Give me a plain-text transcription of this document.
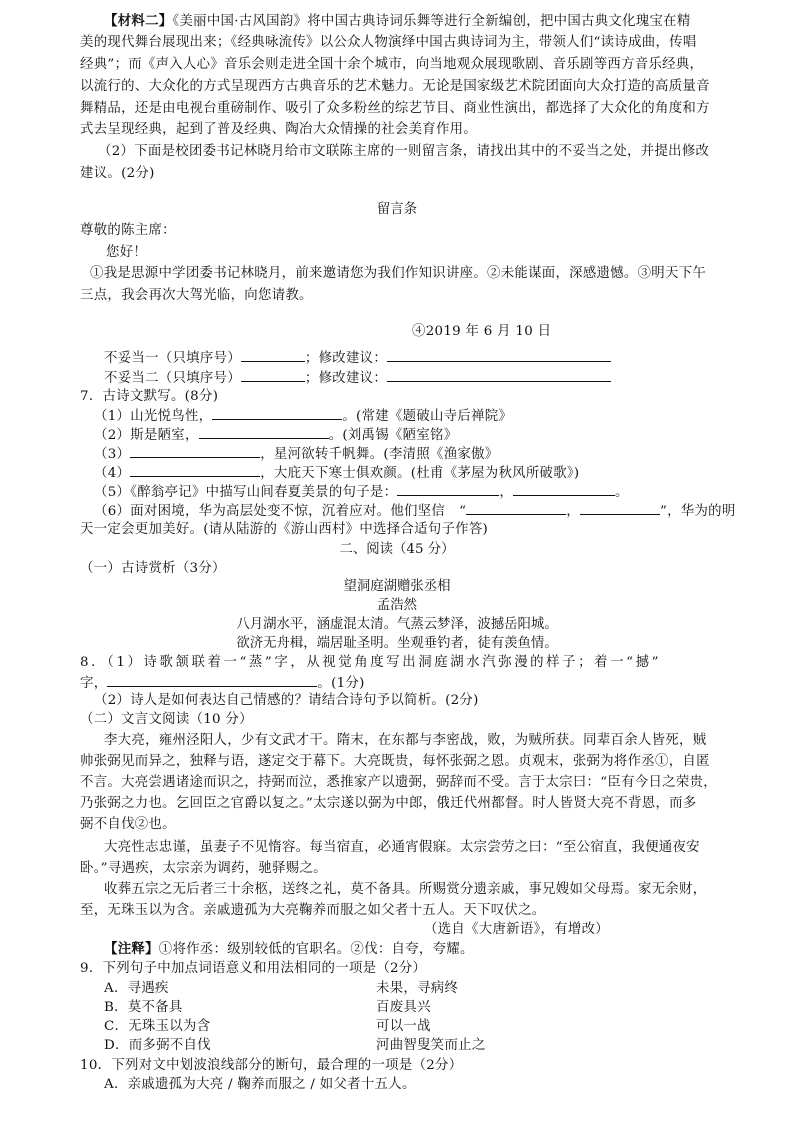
【材料二】《美丽中国·古风国韵》将中国古典诗词乐舞等进行全新编创，把中国古典文化瑰宝在精
美的现代舞台展现出来；《经典咏流传》以公众人物演绎中国古典诗词为主，带领人们“读诗成曲，传唱
经典”；而《声入人心》音乐会则走进全国十余个城市，向当地观众展现歌剧、音乐剧等西方音乐经典，
以流行的、大众化的方式呈现西方古典音乐的艺术魅力。无论是国家级艺术院团面向大众打造的高质量音
舞精品，还是由电视台重磅制作、吸引了众多粉丝的综艺节目、商业性演出，都选择了大众化的角度和方
式去呈现经典，起到了普及经典、陶冶大众情操的社会美育作用。
（2）下面是校团委书记林晓月给市文联陈主席的一则留言条，请找出其中的不妥当之处，并提出修改
建议。(2分)
留言条
尊敬的陈主席：
您好！
①我是思源中学团委书记林晓月，前来邀请您为我们作知识讲座。②未能谋面，深感遗憾。③明天下午
三点，我会再次大驾光临，向您请教。
④2019 年 6 月 10 日
不妥当一（只填序号）	；修改建议：
不妥当二（只填序号）	；修改建议：
7．古诗文默写。(8分)
（1）山光悦鸟性，	。(常建《题破山寺后禅院》
（2）斯是陋室，	。(刘禹锡《陋室铭》
（3）	，星河欲转千帆舞。(李清照《渔家傲》
（4）	，大庇天下寒士俱欢颜。(杜甫《茅屋为秋风所破歌》)
（5）《醉翁亭记》中描写山间春夏美景的句子是：	，	。
（6）面对困境，华为高层处变不惊，沉着应对。他们坚信 “	，	”，华为的明
天一定会更加美好。(请从陆游的《游山西村》中选择合适句子作答)
二、阅读（45 分）
（一）古诗赏析（3分）
望洞庭湖赠张丞相
孟浩然
八月湖水平，涵虚混太清。气蒸云梦泽，波撼岳阳城。
欲济无舟楫，端居耻圣明。坐观垂钓者，徒有羡鱼情。
8．（1）诗歌颔联着一“蒸”字，从视觉角度写出洞庭湖水汽弥漫的样子；着一“撼”
字，	。(1分)
（2）诗人是如何表达自己情感的？请结合诗句予以简析。(2分)
（二）文言文阅读（10 分）
李大亮，雍州泾阳人，少有文武才干。隋末，在东都与李密战，败，为贼所获。同辈百余人皆死，贼
帅张弼见而异之，独释与语，遂定交于幕下。大亮既贵，每怀张弼之恩。贞观末，张弼为将作丞①，自匿
不言。大亮尝遇诸途而识之，持弼而泣，悉推家产以遗弼，弼辞而不受。言于太宗曰：“臣有今日之荣贵，
乃张弼之力也。乞回臣之官爵以复之。”太宗遂以弼为中郎，俄迁代州都督。时人皆贤大亮不背恩，而多
弼不自伐②也。
大亮性志忠谨，虽妻子不见惰容。每当宿直，必通宵假寐。太宗尝劳之曰：“至公宿直，我便通夜安
卧。”寻遇疾，太宗亲为调药，驰驿赐之。
收葬五宗之无后者三十余柩，送终之礼，莫不备具。所赐赏分遗亲戚，事兄嫂如父母焉。家无余财，
至，无珠玉以为含。亲戚遗孤为大亮鞠养而服之如父者十五人。天下叹伏之。
（选自《大唐新语》，有增改）
【注释】①将作丞：级别较低的官职名。②伐：自夸，夸耀。
9．下列句子中加点词语意义和用法相同的一项是（2分）
A．寻遇疾	未果，寻病终
B．莫不备具	百废具兴
C．无珠玉以为含	可以一战
D．而多弼不自伐	河曲智叟笑而止之
10．下列对文中划波浪线部分的断句，最合理的一项是（2分）
A．亲戚遗孤为大亮 / 鞠养而服之 / 如父者十五人。
